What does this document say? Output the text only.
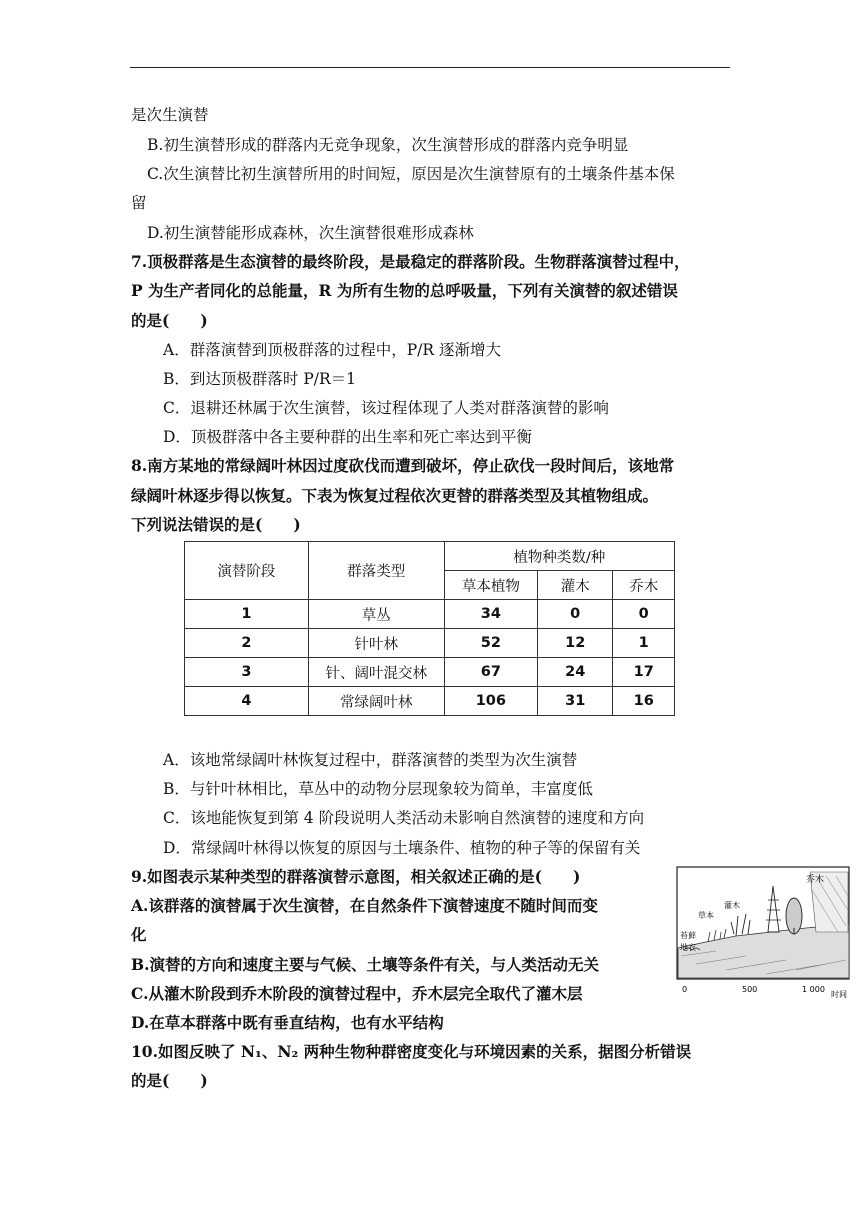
是次生演替
B.初生演替形成的群落内无竞争现象，次生演替形成的群落内竞争明显
C.次生演替比初生演替所用的时间短，原因是次生演替原有的土壤条件基本保
留
D.初生演替能形成森林，次生演替很难形成森林
7.顶极群落是生态演替的最终阶段，是最稳定的群落阶段。生物群落演替过程中，
P 为生产者同化的总能量，R 为所有生物的总呼吸量，下列有关演替的叙述错误
的是(　　)
A．群落演替到顶极群落的过程中，P/R 逐渐增大
B．到达顶极群落时 P/R＝1
C．退耕还林属于次生演替，该过程体现了人类对群落演替的影响
D．顶极群落中各主要种群的出生率和死亡率达到平衡
8.南方某地的常绿阔叶林因过度砍伐而遭到破坏，停止砍伐一段时间后，该地常
绿阔叶林逐步得以恢复。下表为恢复过程依次更替的群落类型及其植物组成。
下列说法错误的是(　　)
演替阶段	群落类型	植物种类数/种		
		草本植物	灌木	乔木
1	草丛	34	0	0
2	针叶林	52	12	1
3	针、阔叶混交林	67	24	17
4	常绿阔叶林	106	31	16
A．该地常绿阔叶林恢复过程中，群落演替的类型为次生演替
B．与针叶林相比，草丛中的动物分层现象较为简单，丰富度低
C．该地能恢复到第 4 阶段说明人类活动未影响自然演替的速度和方向
D．常绿阔叶林得以恢复的原因与土壤条件、植物的种子等的保留有关
9.如图表示某种类型的群落演替示意图，相关叙述正确的是(　　)
A.该群落的演替属于次生演替，在自然条件下演替速度不随时间而变
化
B.演替的方向和速度主要与气候、土壤等条件有关，与人类活动无关
C.从灌木阶段到乔木阶段的演替过程中，乔木层完全取代了灌木层
D.在草本群落中既有垂直结构，也有水平结构
乔木
灌木
草本
苔藓
地衣
0	500	1 000
时间
10.如图反映了 N₁、N₂ 两种生物种群密度变化与环境因素的关系，据图分析错误
的是(　　)
